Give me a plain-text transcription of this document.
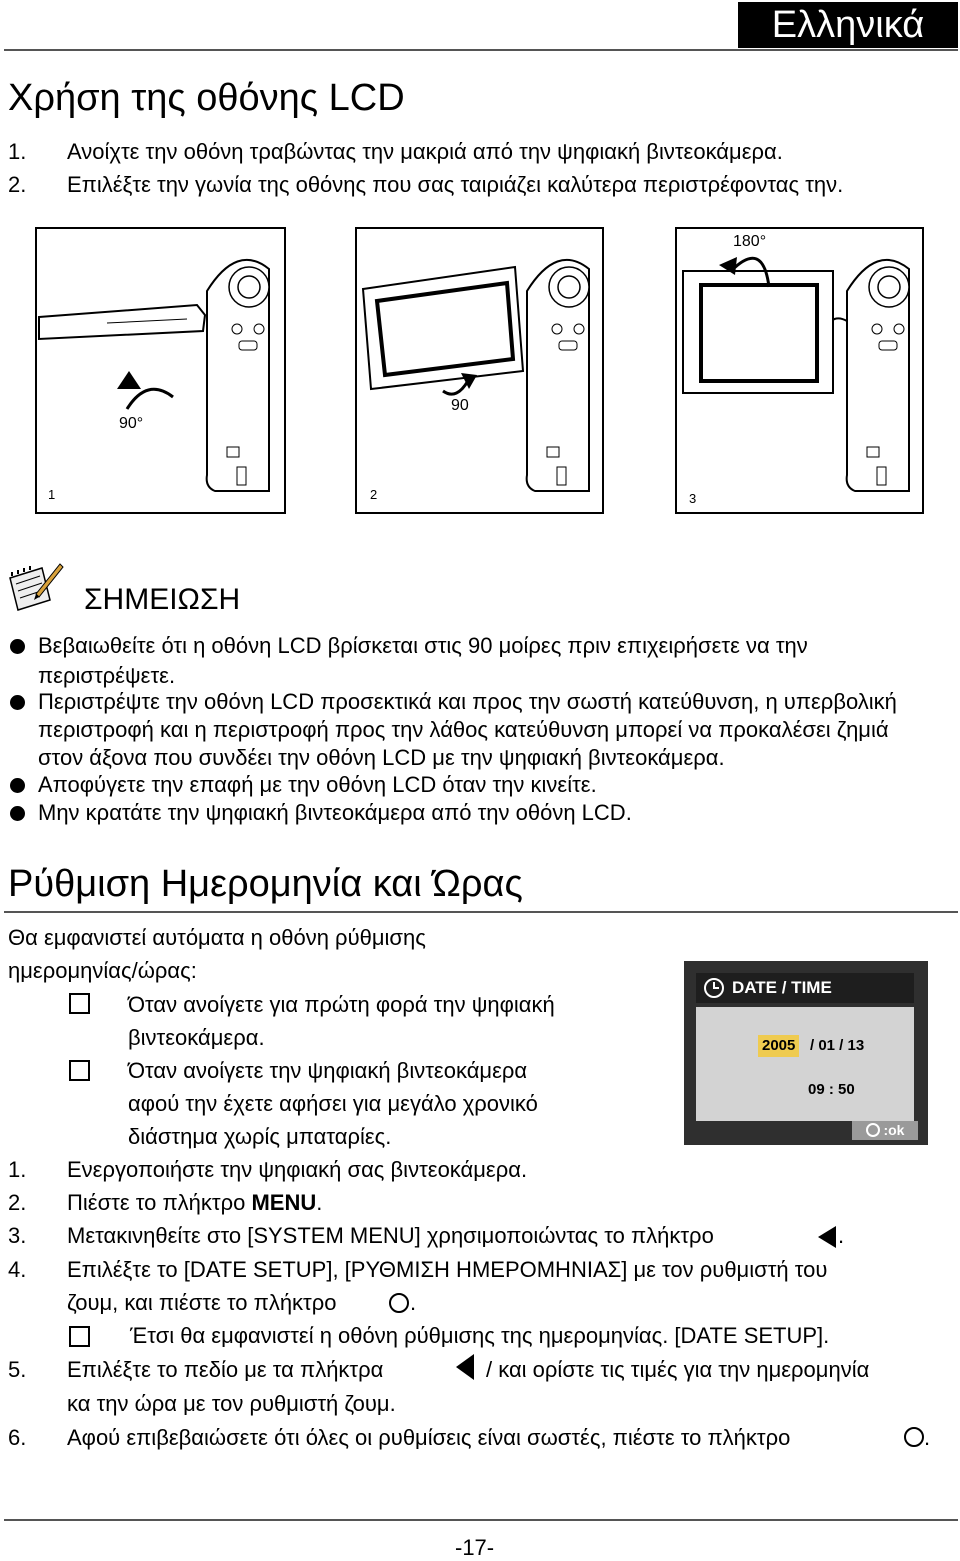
Ελληνικά
Χρήση της οθόνης LCD
1. Ανοίχτε την οθόνη τραβώντας την μακριά από την ψηφιακή βιντεοκάμερα.
2. Επιλέξτε την γωνία της οθόνης που σας ταιριάζει καλύτερα περιστρέφοντας την.
90°
1
90
2
180°
3
ΣΗΜΕΙΩΣΗ
Βεβαιωθείτε ότι η οθόνη LCD βρίσκεται στις 90 μοίρες πριν επιχειρήσετε να την
περιστρέψετε.
Περιστρέψτε την οθόνη LCD προσεκτικά και προς την σωστή κατεύθυνση, η υπερβολική
περιστροφή και η περιστροφή προς την λάθος κατεύθυνση μπορεί να προκαλέσει ζημιά
στον άξονα που συνδέει την οθόνη LCD με την ψηφιακή βιντεοκάμερα.
Αποφύγετε την επαφή με την οθόνη LCD όταν την κινείτε.
Μην κρατάτε την ψηφιακή βιντεοκάμερα από την οθόνη LCD.
Ρύθμιση Ημερομηνία και Ώρας
Θα εμφανιστεί αυτόματα η οθόνη ρύθμισης
ημερομηνίας/ώρας:
Όταν ανοίγετε για πρώτη φορά την ψηφιακή
βιντεοκάμερα.
Όταν ανοίγετε την ψηφιακή βιντεοκάμερα
αφού την έχετε αφήσει για μεγάλο χρονικό
διάστημα χωρίς μπαταρίες.
DATE / TIME
2005 / 01 / 13
09 : 50
:ok
1. Ενεργοποιήστε την ψηφιακή σας βιντεοκάμερα.
2. Πιέστε το πλήκτρο MENU.
3. Μετακινηθείτε στο [SYSTEM MENU] χρησιμοποιώντας το πλήκτρο	.
4. Επιλέξτε το [DATE SETUP], [ΡΥΘΜΙΣΗ ΗΜΕΡΟΜΗΝΙΑΣ] με τον ρυθμιστή του
ζουμ, και πιέστε το πλήκτρο	.
Έτσι θα εμφανιστεί η οθόνη ρύθμισης της ημερομηνίας. [DATE SETUP].
5. Επιλέξτε το πεδίο με τα πλήκτρα	/ και ορίστε τις τιμές για την ημερομηνία
κα την ώρα με τον ρυθμιστή ζουμ.
6. Αφού επιβεβαιώσετε ότι όλες οι ρυθμίσεις είναι σωστές, πιέστε το πλήκτρο	.
-17-
